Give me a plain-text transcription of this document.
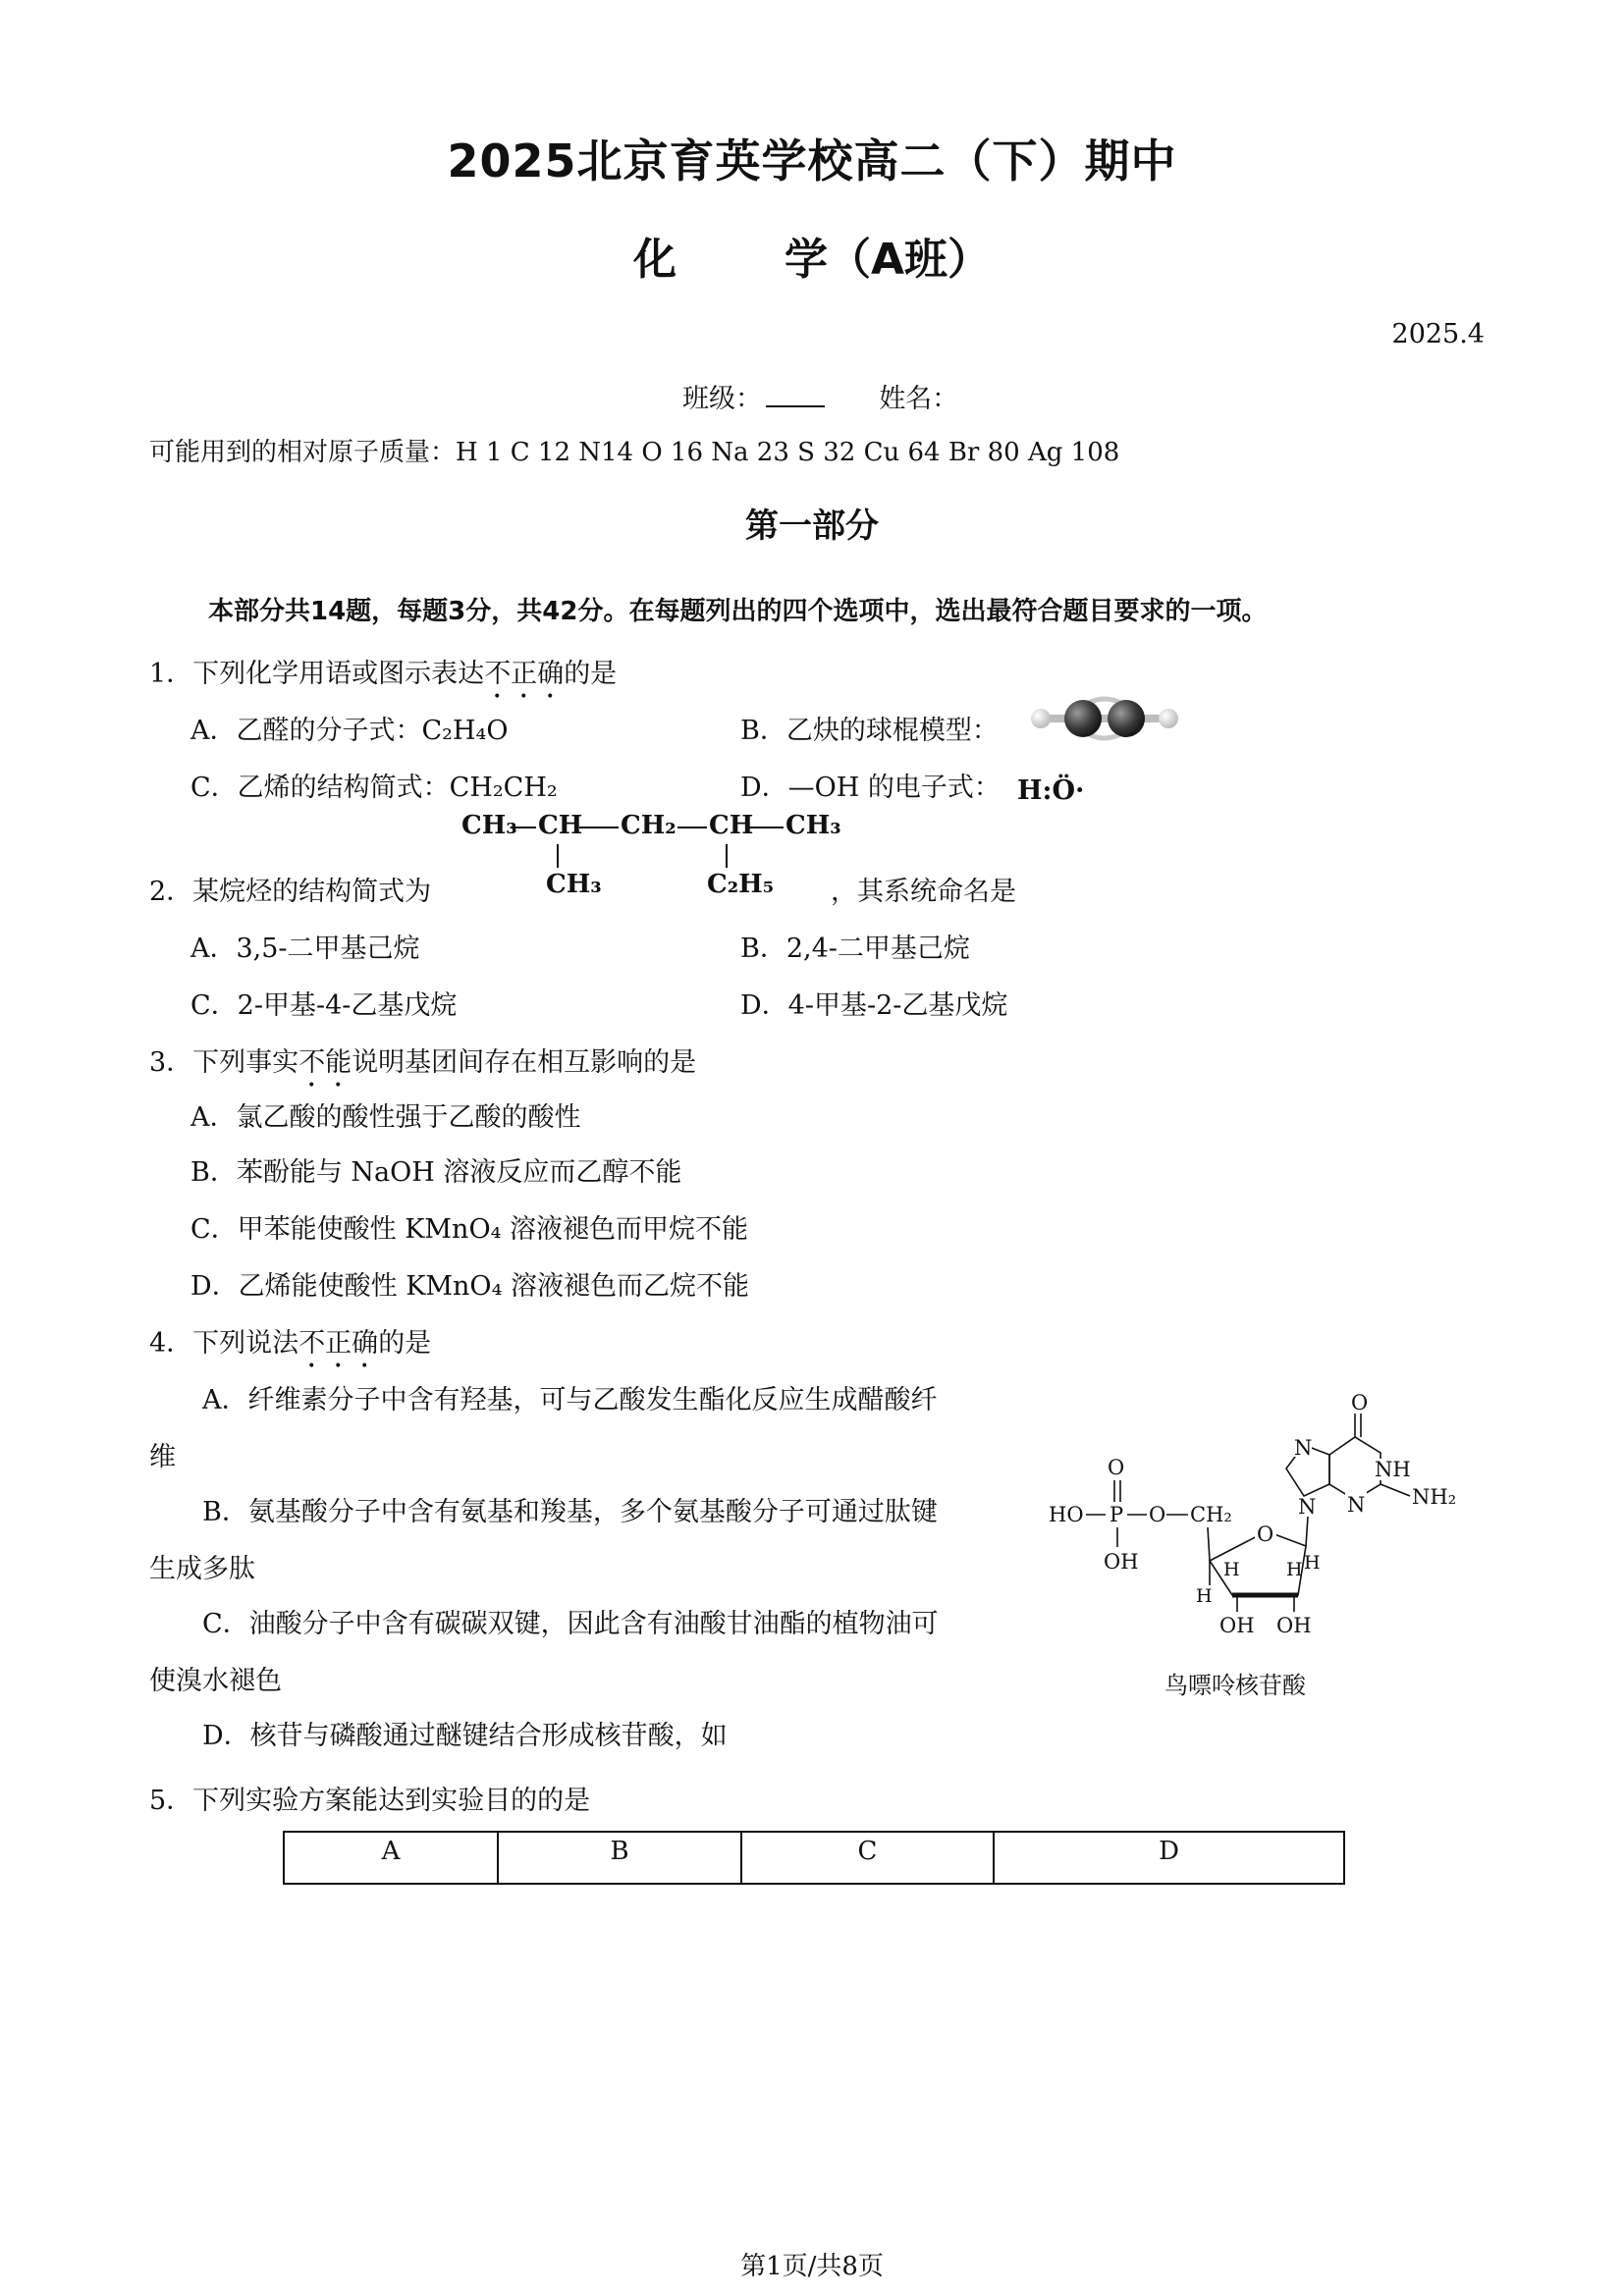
2025北京育英学校高二（下）期中
化	学（A班）
2025.4
班级：	姓名：
可能用到的相对原子质量：H 1 C 12 N14 O 16 Na 23 S 32 Cu 64 Br 80 Ag 108
第一部分
本部分共14题，每题3分，共42分。在每题列出的四个选项中，选出最符合题目要求的一项。
1．下列化学用语或图示表达不正确的是
A．乙醛的分子式：C₂H₄O	B．乙炔的球棍模型：
C．乙烯的结构简式：CH₂CH₂	D．—OH 的电子式： H:Ö·
CH₃ CH CH₂ CH CH₃
CH₃	C₂H₅
2．某烷烃的结构简式为	，其系统命名是
A．3,5-二甲基己烷	B．2,4-二甲基己烷
C．2-甲基-4-乙基戊烷	D．4-甲基-2-乙基戊烷
3．下列事实不能说明基团间存在相互影响的是
A．氯乙酸的酸性强于乙酸的酸性
B．苯酚能与 NaOH 溶液反应而乙醇不能
C．甲苯能使酸性 KMnO₄ 溶液褪色而甲烷不能
D．乙烯能使酸性 KMnO₄ 溶液褪色而乙烷不能
4．下列说法不正确的是
A．纤维素分子中含有羟基，可与乙酸发生酯化反应生成醋酸纤
维
B．氨基酸分子中含有氨基和羧基，多个氨基酸分子可通过肽键
生成多肽
C．油酸分子中含有碳碳双键，因此含有油酸甘油酯的植物油可
使溴水褪色
D．核苷与磷酸通过醚键结合形成核苷酸，如
O
P
HO
OH
O CH₂
O
H
H H H
OH OH
N
N
O
NH
N NH₂
鸟嘌呤核苷酸
5．下列实验方案能达到实验目的的是
A	B	C	D
第1页/共8页
